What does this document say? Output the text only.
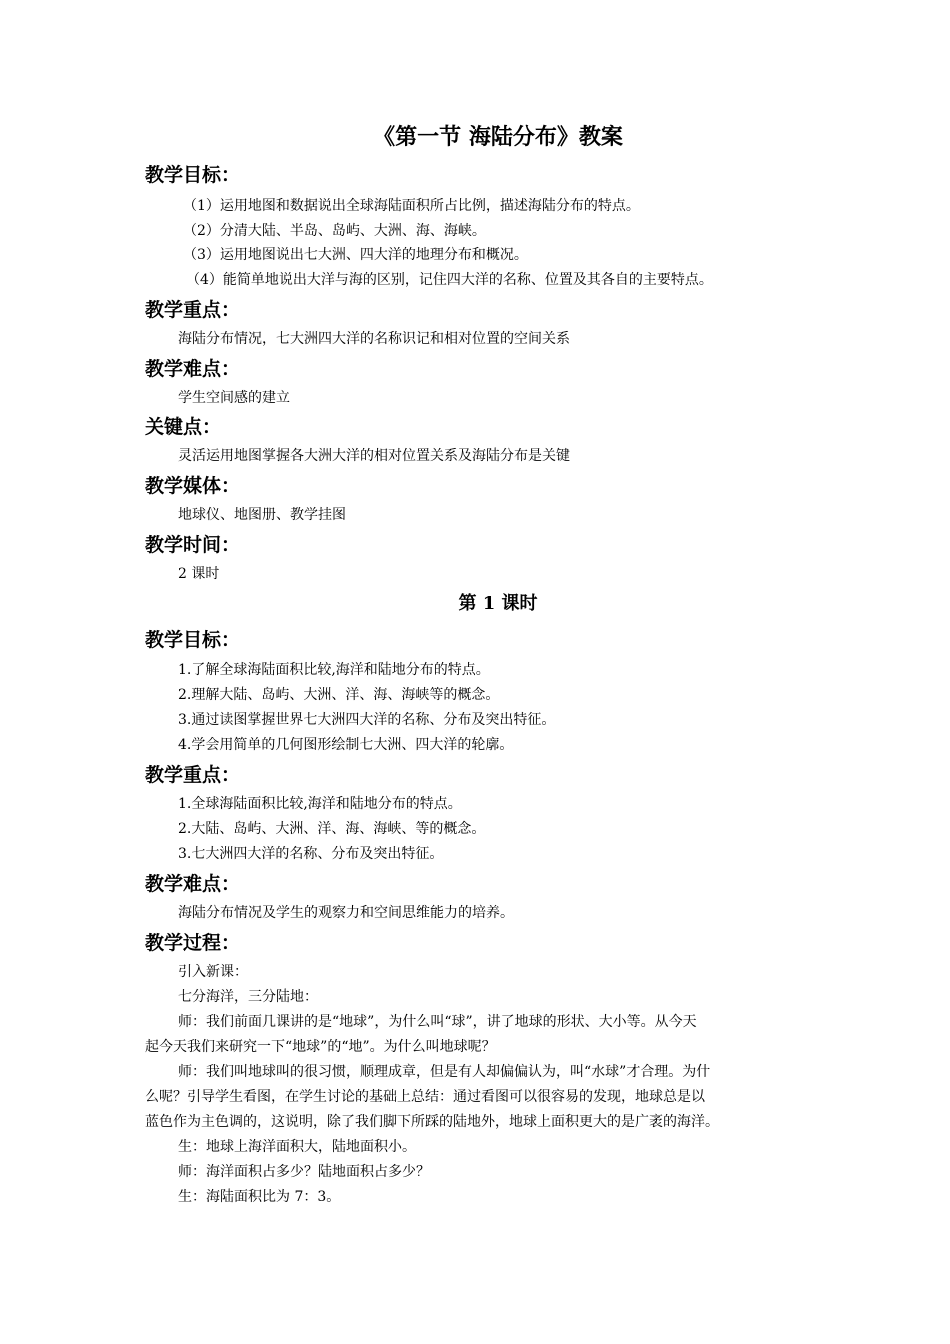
《第一节 海陆分布》教案
教学目标：
（1）运用地图和数据说出全球海陆面积所占比例，描述海陆分布的特点。
（2）分清大陆、半岛、岛屿、大洲、海、海峡。
（3）运用地图说出七大洲、四大洋的地理分布和概况。
（4）能简单地说出大洋与海的区别，记住四大洋的名称、位置及其各自的主要特点。
教学重点：
海陆分布情况，七大洲四大洋的名称识记和相对位置的空间关系
教学难点：
学生空间感的建立
关键点：
灵活运用地图掌握各大洲大洋的相对位置关系及海陆分布是关键
教学媒体：
地球仪、地图册、教学挂图
教学时间：
2 课时
第 1 课时
教学目标：
1.了解全球海陆面积比较,海洋和陆地分布的特点。
2.理解大陆、岛屿、大洲、洋、海、海峡等的概念。
3.通过读图掌握世界七大洲四大洋的名称、分布及突出特征。
4.学会用简单的几何图形绘制七大洲、四大洋的轮廓。
教学重点：
1.全球海陆面积比较,海洋和陆地分布的特点。
2.大陆、岛屿、大洲、洋、海、海峡、等的概念。
3.七大洲四大洋的名称、分布及突出特征。
教学难点：
海陆分布情况及学生的观察力和空间思维能力的培养。
教学过程：
引入新课：
七分海洋，三分陆地：
师：我们前面几课讲的是“地球”，为什么叫“球”，讲了地球的形状、大小等。从今天
起今天我们来研究一下“地球”的“地”。为什么叫地球呢？
师：我们叫地球叫的很习惯，顺理成章，但是有人却偏偏认为，叫“水球”才合理。为什
么呢？引导学生看图，在学生讨论的基础上总结：通过看图可以很容易的发现，地球总是以
蓝色作为主色调的，这说明，除了我们脚下所踩的陆地外，地球上面积更大的是广袤的海洋。
生：地球上海洋面积大，陆地面积小。
师：海洋面积占多少？陆地面积占多少？
生：海陆面积比为 7：3。
